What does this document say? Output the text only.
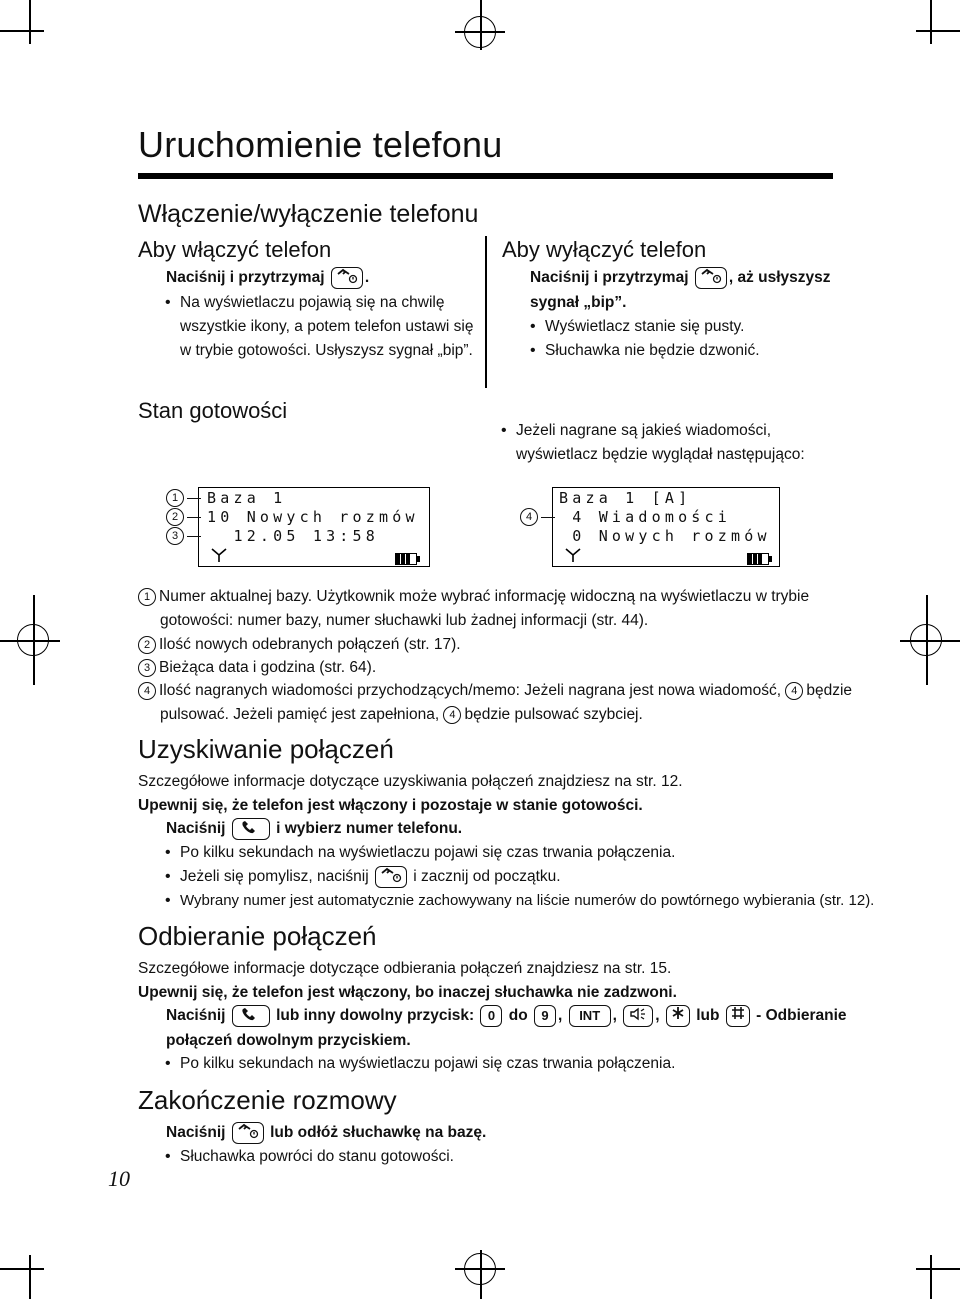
Uruchomienie telefonu
Włączenie/wyłączenie telefonu
Aby włączyć telefon
Naciśnij i przytrzymaj	.
• Na wyświetlaczu pojawią się na chwilę
wszystkie ikony, a potem telefon ustawi się
w trybie gotowości. Usłyszysz sygnał „bip”.
Aby wyłączyć telefon
Naciśnij i przytrzymaj	, aż usłyszysz
sygnał „bip”.
• Wyświetlacz stanie się pusty.
• Słuchawka nie będzie dzwonić.
Stan gotowości
• Jeżeli nagrane są jakieś wiadomości,
wyświetlacz będzie wyglądał następująco:
Baza 1
10 Nowych rozmów
12.05 13:58
1
2
3
Baza 1 [A]
4 Wiadomości
0 Nowych rozmów
4
1 Numer aktualnej bazy. Użytkownik może wybrać informację widoczną na wyświetlaczu w trybie
gotowości: numer bazy, numer słuchawki lub żadnej informacji (str. 44).
2 Ilość nowych odebranych połączeń (str. 17).
3 Bieżąca data i godzina (str. 64).
4 Ilość nagranych wiadomości przychodzących/memo: Jeżeli nagrana jest nowa wiadomość, 4 będzie
pulsować. Jeżeli pamięć jest zapełniona, 4 będzie pulsować szybciej.
Uzyskiwanie połączeń
Szczegółowe informacje dotyczące uzyskiwania połączeń znajdziesz na str. 12.
Upewnij się, że telefon jest włączony i pozostaje w stanie gotowości.
Naciśnij	i wybierz numer telefonu.
• Po kilku sekundach na wyświetlaczu pojawi się czas trwania połączenia.
• Jeżeli się pomylisz, naciśnij	i zacznij od początku.
• Wybrany numer jest automatycznie zachowywany na liście numerów do powtórnego wybierania (str. 12).
Odbieranie połączeń
Szczegółowe informacje dotyczące odbierania połączeń znajdziesz na str. 15.
Upewnij się, że telefon jest włączony, bo inaczej słuchawka nie zadzwoni.
Naciśnij	lub inny dowolny przycisk: 0 do 9 , INT , ,  lub - Odbieranie
połączeń dowolnym przyciskiem.
• Po kilku sekundach na wyświetlaczu pojawi się czas trwania połączenia.
Zakończenie rozmowy
Naciśnij	lub odłóż słuchawkę na bazę.
• Słuchawka powróci do stanu gotowości.
10
